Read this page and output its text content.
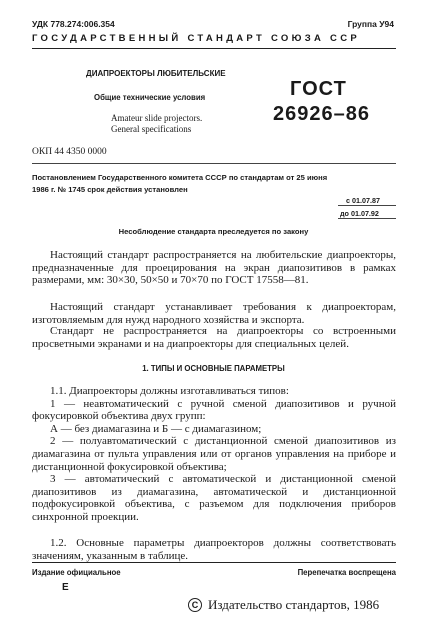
УДК 778.274:006.354	Группа У94
ГОСУДАРСТВЕННЫЙ СТАНДАРТ СОЮЗА ССР
ДИАПРОЕКТОРЫ ЛЮБИТЕЛЬСКИЕ
Общие технические условия
Amateur slide projectors.
General specifications
ГОСТ
26926–86
ОКП 44 4350 0000
Постановлением Государственного комитета СССР по стандартам от 25 июня
1986 г. № 1745 срок действия установлен
с 01.07.87
до 01.07.92
Несоблюдение стандарта преследуется по закону

Настоящий стандарт распространяется на любительские диапроекторы, предназначенные для проецирования на экран диапозитивов в рамках размерами, мм: 30×30, 50×50 и 70×70 по ГОСТ 17558—81.

Настоящий стандарт устанавливает требования к диапроекторам, изготовляемым для нужд народного хозяйства и экспорта.

Стандарт не распространяется на диапроекторы со встроенными просветными экранами и на диапроекторы для специальных целей.

1. ТИПЫ И ОСНОВНЫЕ ПАРАМЕТРЫ

1.1. Диапроекторы должны изготавливаться типов:

1 — неавтоматический с ручной сменой диапозитивов и ручной фокусировкой объектива двух групп:

А — без диамагазина и Б — с диамагазином;

2 — полуавтоматический с дистанционной сменой диапозитивов из диамагазина от пульта управления или от органов управления на приборе и дистанционной фокусировкой объектива;

3 — автоматический с автоматической и дистанционной сменой диапозитивов из диамагазина, автоматической и дистанционной подфокусировкой объектива, с разъемом для подключения приборов синхронной проекции.

1.2. Основные параметры диапроекторов должны соответствовать значениям, указанным в таблице.

Издание официальное	Перепечатка воспрещена
Е
C Издательство стандартов, 1986
